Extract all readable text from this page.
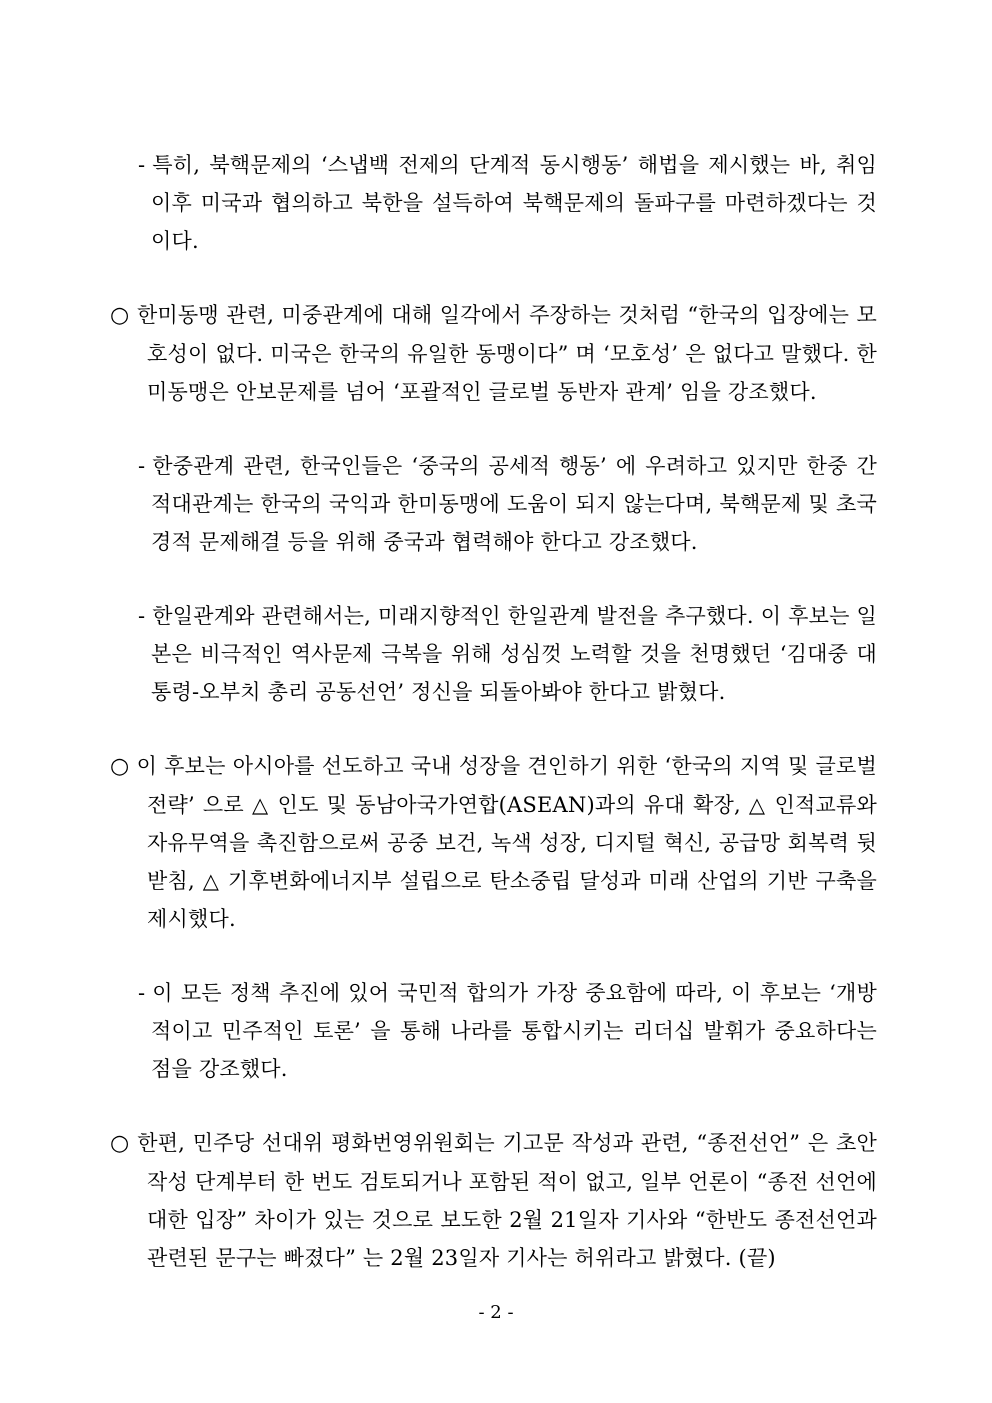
- 특히, 북핵문제의 ‘스냅백 전제의 단계적 동시행동’ 해법을 제시했는 바, 취임 이후 미국과 협의하고 북한을 설득하여 북핵문제의 돌파구를 마련하겠다는 것이다.

○ 한미동맹 관련, 미중관계에 대해 일각에서 주장하는 것처럼 “한국의 입장에는 모호성이 없다. 미국은 한국의 유일한 동맹이다” 며 ‘모호성’ 은 없다고 말했다. 한미동맹은 안보문제를 넘어 ‘포괄적인 글로벌 동반자 관계’ 임을 강조했다.

- 한중관계 관련, 한국인들은 ‘중국의 공세적 행동’ 에 우려하고 있지만 한중 간 적대관계는 한국의 국익과 한미동맹에 도움이 되지 않는다며, 북핵문제 및 초국경적 문제해결 등을 위해 중국과 협력해야 한다고 강조했다.

- 한일관계와 관련해서는, 미래지향적인 한일관계 발전을 추구했다. 이 후보는 일본은 비극적인 역사문제 극복을 위해 성심껏 노력할 것을 천명했던 ‘김대중 대통령-오부치 총리 공동선언’ 정신을 되돌아봐야 한다고 밝혔다.

○ 이 후보는 아시아를 선도하고 국내 성장을 견인하기 위한 ‘한국의 지역 및 글로벌 전략’ 으로 △ 인도 및 동남아국가연합(ASEAN)과의 유대 확장, △ 인적교류와 자유무역을 촉진함으로써 공중 보건, 녹색 성장, 디지털 혁신, 공급망 회복력 뒷받침, △ 기후변화에너지부 설립으로 탄소중립 달성과 미래 산업의 기반 구축을 제시했다.

- 이 모든 정책 추진에 있어 국민적 합의가 가장 중요함에 따라, 이 후보는 ‘개방적이고 민주적인 토론’ 을 통해 나라를 통합시키는 리더십 발휘가 중요하다는 점을 강조했다.

○ 한편, 민주당 선대위 평화번영위원회는 기고문 작성과 관련, “종전선언” 은 초안 작성 단계부터 한 번도 검토되거나 포함된 적이 없고, 일부 언론이 “종전 선언에 대한 입장” 차이가 있는 것으로 보도한 2월 21일자 기사와 “한반도 종전선언과 관련된 문구는 빠졌다” 는 2월 23일자 기사는 허위라고 밝혔다. (끝)

- 2 -
